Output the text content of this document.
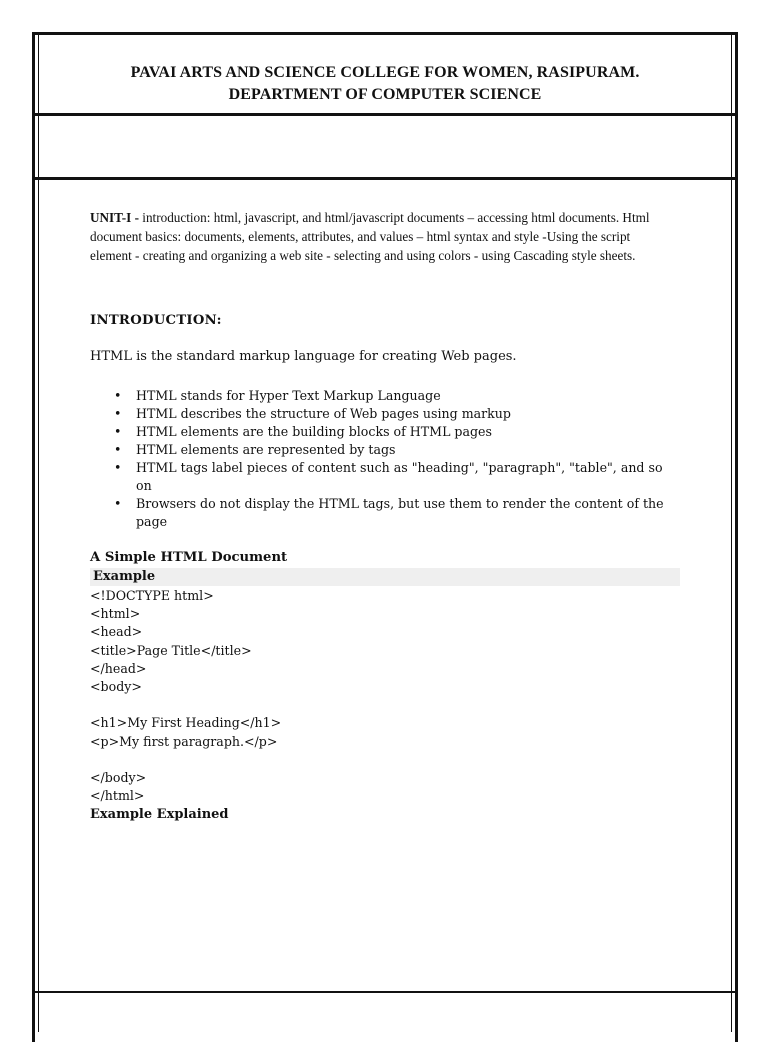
PAVAI ARTS AND SCIENCE COLLEGE FOR WOMEN, RASIPURAM.
DEPARTMENT OF COMPUTER SCIENCE
UNIT-I - introduction: html, javascript, and html/javascript documents – accessing html documents. Html document basics: documents, elements, attributes, and values – html syntax and style -Using the script element - creating and organizing a web site - selecting and using colors - using Cascading style sheets.
INTRODUCTION:
HTML is the standard markup language for creating Web pages.
• HTML stands for Hyper Text Markup Language
• HTML describes the structure of Web pages using markup
• HTML elements are the building blocks of HTML pages
• HTML elements are represented by tags
• HTML tags label pieces of content such as "heading", "paragraph", "table", and so on
• Browsers do not display the HTML tags, but use them to render the content of the page
A Simple HTML Document
Example
<!DOCTYPE html>
<html>
<head>
<title>Page Title</title>
</head>
<body>
<h1>My First Heading</h1>
<p>My first paragraph.</p>
</body>
</html>
Example Explained
